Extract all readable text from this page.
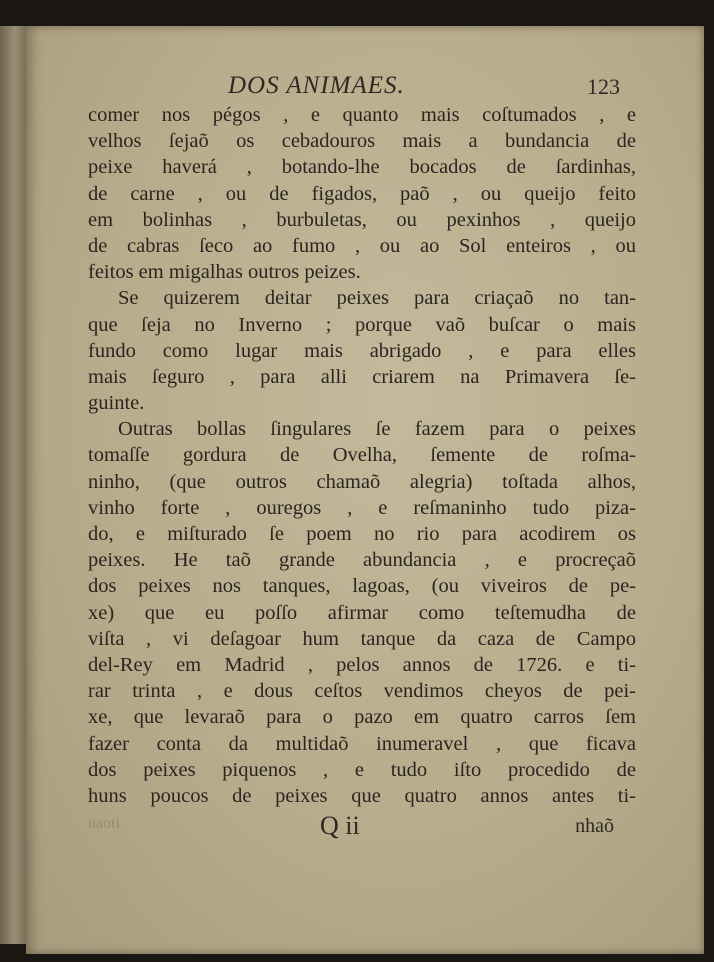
DOS ANIMAES.	123
comer nos pégos , e quanto mais coſtumados , e
velhos ſejaõ os cebadouros mais a bundancia de
peixe haverá , botando-lhe bocados de ſardinhas,
de carne , ou de figados, paõ , ou queijo feito
em bolinhas , burbuletas, ou pexinhos , queijo
de cabras ſeco ao fumo , ou ao Sol enteiros , ou
feitos em migalhas outros peizes.
Se quizerem deitar peixes para criaçaõ no tan-
que ſeja no Inverno ; porque vaõ buſcar o mais
fundo como lugar mais abrigado , e para elles
mais ſeguro , para alli criarem na Primavera ſe-
guinte.
Outras bollas ſingulares ſe fazem para o peixes
tomaſſe gordura de Ovelha, ſemente de roſma-
ninho, (que outros chamaõ alegria) toſtada alhos,
vinho forte , ouregos , e reſmaninho tudo piza-
do, e miſturado ſe poem no rio para acodirem os
peixes. He taõ grande abundancia , e procreçaõ
dos peixes nos tanques, lagoas, (ou viveiros de pe-
xe) que eu poſſo afirmar como teſtemudha de
viſta , vi deſagoar hum tanque da caza de Campo
del-Rey em Madrid , pelos annos de 1726. e ti-
rar trinta , e dous ceſtos vendimos cheyos de pei-
xe, que levaraõ para o pazo em quatro carros ſem
fazer conta da multidaõ inumeravel , que ficava
dos peixes piquenos , e tudo iſto procedido de
huns poucos de peixes que quatro annos antes ti-
uaoti	Q ii	nhaõ
